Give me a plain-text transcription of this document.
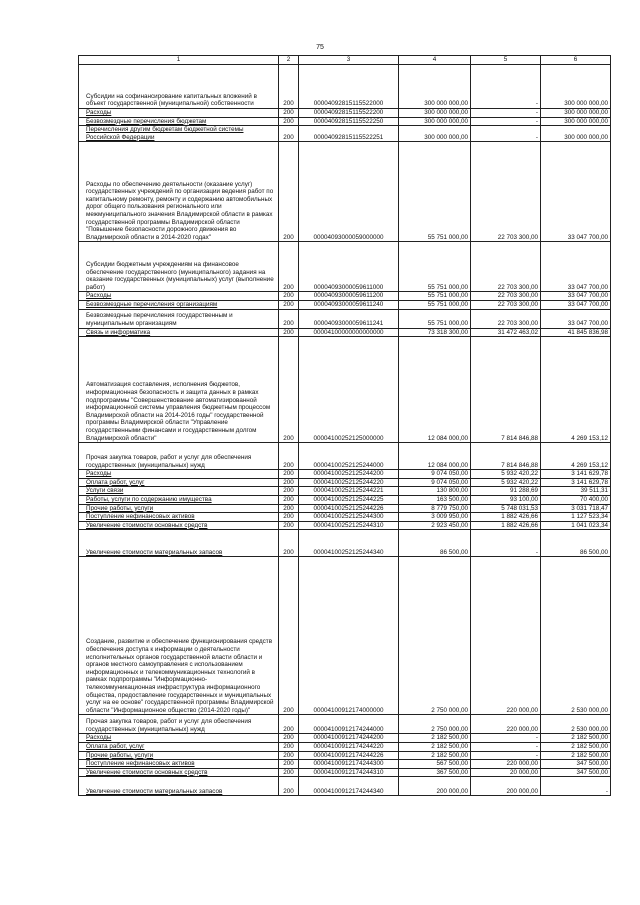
75
1	2	3	4	5	6
Субсидии на софинансирование капитальных вложений в объект государственной (муниципальной) собственности	200	00004092815115522000	300 000 000,00	-	300 000 000,00
Расходы	200	00004092815115522200	300 000 000,00	-	300 000 000,00
Безвозмездные перечисления бюджетам	200	00004092815115522250	300 000 000,00	-	300 000 000,00
Перечисления другим бюджетам бюджетной системы Российской Федерации	200	00004092815115522251	300 000 000,00	-	300 000 000,00
Расходы по обеспечению деятельности (оказание услуг) государственных учреждений по организации ведения работ по капитальному ремонту, ремонту и содержанию автомобильных дорог общего пользования регионального или межмуниципального значения Владимирской области в рамках государственной программы Владимирской области "Повышение безопасности дорожного движения во Владимирской области в 2014-2020 годах"	200	00004093000059000000	55 751 000,00	22 703 300,00	33 047 700,00
Субсидии бюджетным учреждениям на финансовое обеспечение государственного (муниципального) задания на оказание государственных (муниципальных) услуг (выполнение работ)	200	00004093000059611000	55 751 000,00	22 703 300,00	33 047 700,00
Расходы	200	00004093000059611200	55 751 000,00	22 703 300,00	33 047 700,00
Безвозмездные перечисления организациям	200	00004093000059611240	55 751 000,00	22 703 300,00	33 047 700,00
Безвозмездные перечисления государственным и муниципальным организациям	200	00004093000059611241	55 751 000,00	22 703 300,00	33 047 700,00
Связь и информатика	200	00004100000000000000	73 318 300,00	31 472 463,02	41 845 836,98
Автоматизация составления, исполнения бюджетов, информационная безопасность и защита данных в рамках подпрограммы "Совершенствование автоматизированной информационной системы управления бюджетным процессом Владимирской области на 2014-2016 годы" государственной программы Владимирской области "Управление государственными финансами и государственным долгом Владимирской области"	200	00004100252125000000	12 084 000,00	7 814 846,88	4 269 153,12
Прочая закупка товаров, работ и услуг для обеспечения государственных (муниципальных) нужд	200	00004100252125244000	12 084 000,00	7 814 846,88	4 269 153,12
Расходы	200	00004100252125244200	9 074 050,00	5 932 420,22	3 141 629,78
Оплата работ, услуг	200	00004100252125244220	9 074 050,00	5 932 420,22	3 141 629,78
Услуги связи	200	00004100252125244221	130 800,00	91 288,69	39 511,31
Работы, услуги по содержанию имущества	200	00004100252125244225	163 500,00	93 100,00	70 400,00
Прочие работы, услуги	200	00004100252125244226	8 779 750,00	5 748 031,53	3 031 718,47
Поступление нефинансовых активов	200	00004100252125244300	3 009 950,00	1 882 426,66	1 127 523,34
Увеличение стоимости основных средств	200	00004100252125244310	2 923 450,00	1 882 426,66	1 041 023,34
Увеличение стоимости материальных запасов	200	00004100252125244340	86 500,00	-	86 500,00
Создание, развитие и обеспечение функционирования средств обеспечения доступа к информации о деятельности исполнительных органов государственной власти области и органов местного самоуправления с использованием информационных и телекоммуникационных технологий в рамках подпрограммы "Информационно-телекоммуникационная инфраструктура информационного общества, предоставление государственных и муниципальных услуг на ее основе" государственной программы Владимирской области "Информационное общество (2014-2020 годы)"	200	00004100912174000000	2 750 000,00	220 000,00	2 530 000,00
Прочая закупка товаров, работ и услуг для обеспечения государственных (муниципальных) нужд	200	00004100912174244000	2 750 000,00	220 000,00	2 530 000,00
Расходы	200	00004100912174244200	2 182 500,00	-	2 182 500,00
Оплата работ, услуг	200	00004100912174244220	2 182 500,00	-	2 182 500,00
Прочие работы, услуги	200	00004100912174244226	2 182 500,00	-	2 182 500,00
Поступление нефинансовых активов	200	00004100912174244300	567 500,00	220 000,00	347 500,00
Увеличение стоимости основных средств	200	00004100912174244310	367 500,00	20 000,00	347 500,00
Увеличение стоимости материальных запасов	200	00004100912174244340	200 000,00	200 000,00	-
